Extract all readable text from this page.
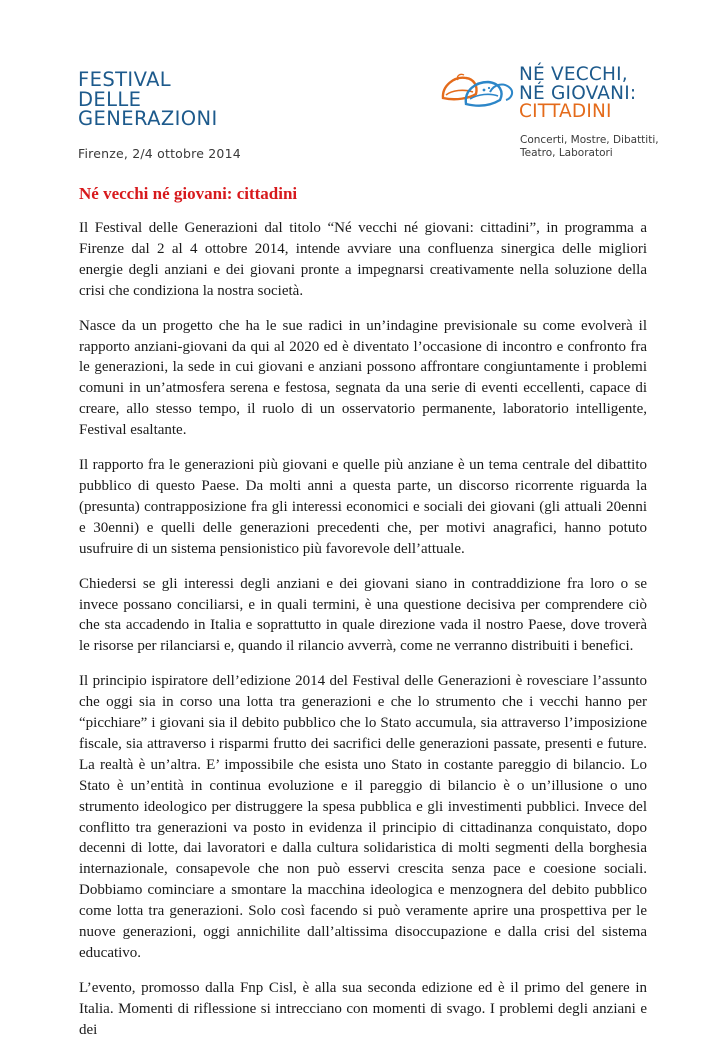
FESTIVAL
DELLE
GENERAZIONI
Firenze, 2/4 ottobre 2014
NÉ VECCHI,
NÉ GIOVANI:
CITTADINI
Concerti, Mostre, Dibattiti,
Teatro, Laboratori
Né vecchi né giovani: cittadini

Il Festival delle Generazioni dal titolo “Né vecchi né giovani: cittadini”, in programma a Firenze dal 2 al 4 ottobre 2014, intende avviare una confluenza sinergica delle migliori energie degli anziani e dei giovani pronte a impegnarsi creativamente nella soluzione della crisi che condiziona la nostra società.

Nasce da un progetto che ha le sue radici in un’indagine previsionale su come evolverà il rapporto anziani-giovani da qui al 2020 ed è diventato l’occasione di incontro e confronto fra le generazioni, la sede in cui giovani e anziani possono affrontare congiuntamente i problemi comuni in un’atmosfera serena e festosa, segnata da una serie di eventi eccellenti, capace di creare, allo stesso tempo, il ruolo di un osservatorio permanente, laboratorio intelligente, Festival esaltante.

Il rapporto fra le generazioni più giovani e quelle più anziane è un tema centrale del dibattito pubblico di questo Paese. Da molti anni a questa parte, un discorso ricorrente riguarda la (presunta) contrapposizione fra gli interessi economici e sociali dei giovani (gli attuali 20enni e 30enni) e quelli delle generazioni precedenti che, per motivi anagrafici, hanno potuto usufruire di un sistema pensionistico più favorevole dell’attuale.

Chiedersi se gli interessi degli anziani e dei giovani siano in contraddizione fra loro o se invece possano conciliarsi, e in quali termini, è una questione decisiva per comprendere ciò che sta accadendo in Italia e soprattutto in quale direzione vada il nostro Paese, dove troverà le risorse per rilanciarsi e, quando il rilancio avverrà, come ne verranno distribuiti i benefici.

Il principio ispiratore dell’edizione 2014 del Festival delle Generazioni è rovesciare l’assunto che oggi sia in corso una lotta tra generazioni e che lo strumento che i vecchi hanno per “picchiare” i giovani sia il debito pubblico che lo Stato accumula, sia attraverso l’imposizione fiscale, sia attraverso i risparmi frutto dei sacrifici delle generazioni passate, presenti e future. La realtà è un’altra. E’ impossibile che esista uno Stato in costante pareggio di bilancio. Lo Stato è un’entità in continua evoluzione e il pareggio di bilancio è o un’illusione o uno strumento ideologico per distruggere la spesa pubblica e gli investimenti pubblici. Invece del conflitto tra generazioni va posto in evidenza il principio di cittadinanza conquistato, dopo decenni di lotte, dai lavoratori e dalla cultura solidaristica di molti segmenti della borghesia internazionale, consapevole che non può esservi crescita senza pace e coesione sociali. Dobbiamo cominciare a smontare la macchina ideologica e menzognera del debito pubblico come lotta tra generazioni. Solo così facendo si può veramente aprire una prospettiva per le nuove generazioni, oggi annichilite dall’altissima disoccupazione e dalla crisi del sistema educativo.

L’evento, promosso dalla Fnp Cisl, è alla sua seconda edizione ed è il primo del genere in Italia. Momenti di riflessione si intrecciano con momenti di svago. I problemi degli anziani e dei
